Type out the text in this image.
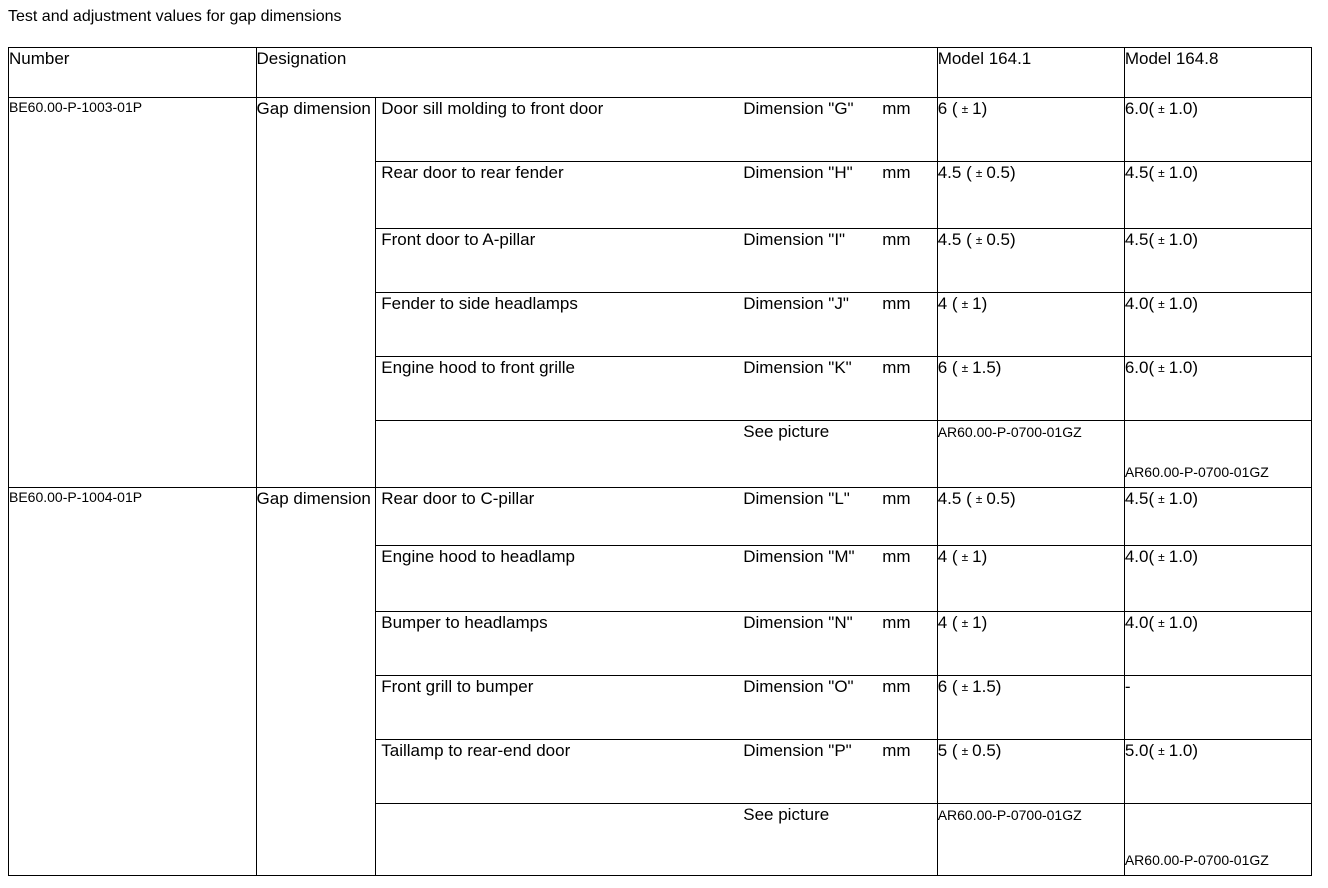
Test and adjustment values for gap dimensions
Number	Designation		Model 164.1	Model 164.8
BE60.00-P-1003-01P	Gap dimension	Door sill molding to front door Dimension "G" mm	6 ( ± 1)	6.0( ± 1.0)

		Rear door to rear fender Dimension "H" mm	4.5 ( ± 0.5)	4.5( ± 1.0)

		Front door to A-pillar Dimension "I" mm	4.5 ( ± 0.5)	4.5( ± 1.0)

		Fender to side headlamps Dimension "J" mm	4 ( ± 1)	4.0( ± 1.0)

		Engine hood to front grille Dimension "K" mm	6 ( ± 1.5)	6.0( ± 1.0)

		See picture	AR60.00-P-0700-01GZ	AR60.00-P-0700-01GZ
BE60.00-P-1004-01P	Gap dimension	Rear door to C-pillar Dimension "L" mm	4.5 ( ± 0.5)	4.5( ± 1.0)

		Engine hood to headlamp Dimension "M" mm	4 ( ± 1)	4.0( ± 1.0)

		Bumper to headlamps Dimension "N" mm	4 ( ± 1)	4.0( ± 1.0)

		Front grill to bumper Dimension "O" mm	6 ( ± 1.5)	-

		Taillamp to rear-end door Dimension "P" mm	5 ( ± 0.5)	5.0( ± 1.0)

		See picture	AR60.00-P-0700-01GZ	AR60.00-P-0700-01GZ
